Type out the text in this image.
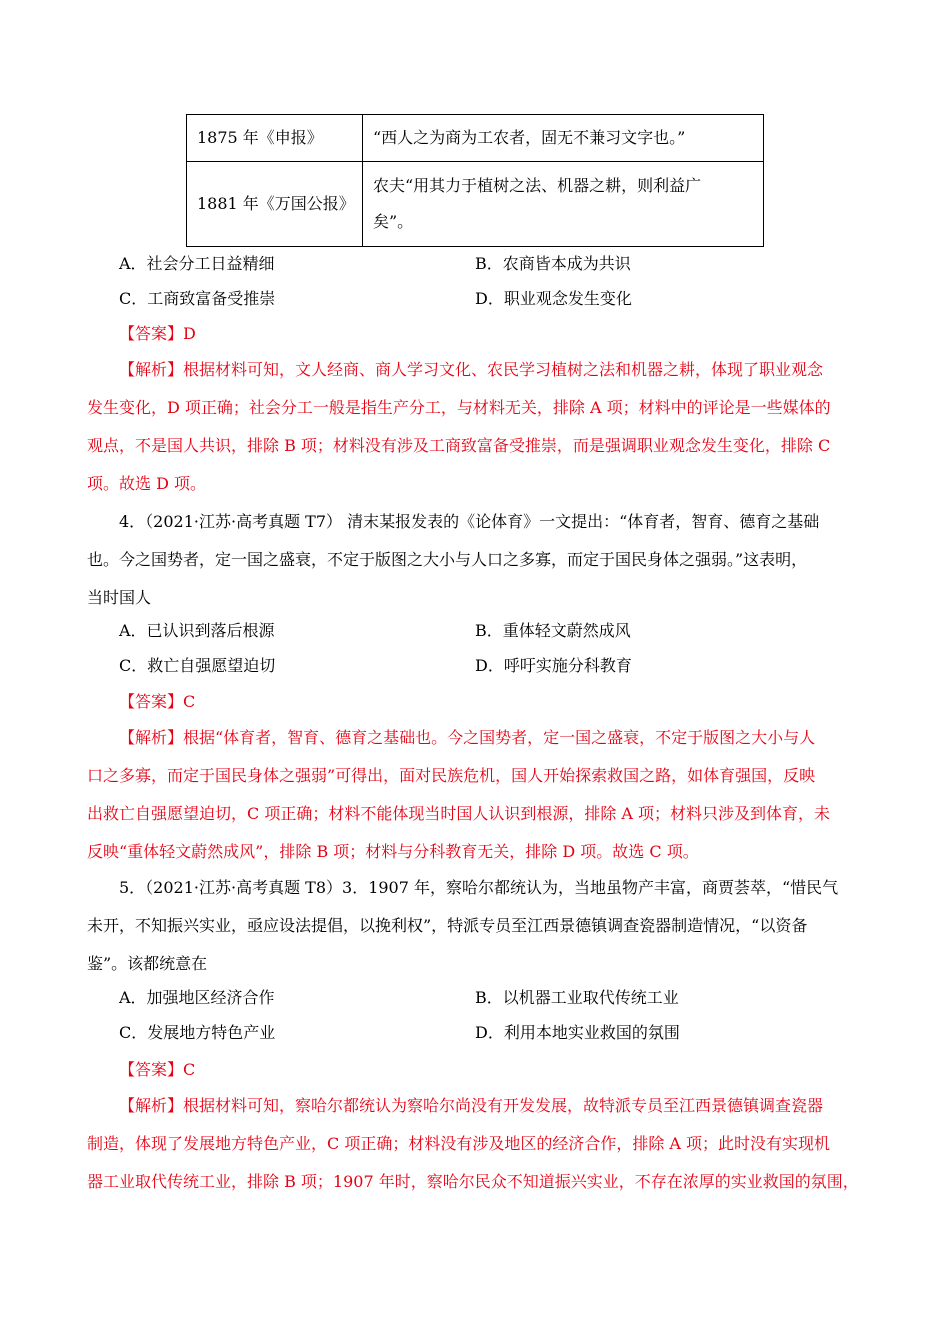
1875 年《申报》	“西人之为商为工农者，固无不兼习文字也。”
1881 年《万国公报》	农夫“用其力于植树之法、机器之耕，则利益广
矣”。
A．社会分工日益精细	B．农商皆本成为共识
C．工商致富备受推崇	D．职业观念发生变化
【答案】D
【解析】根据材料可知，文人经商、商人学习文化、农民学习植树之法和机器之耕，体现了职业观念
发生变化，D 项正确；社会分工一般是指生产分工，与材料无关，排除 A 项；材料中的评论是一些媒体的
观点，不是国人共识，排除 B 项；材料没有涉及工商致富备受推崇，而是强调职业观念发生变化，排除 C
项。故选 D 项。
4．（2021·江苏·高考真题 T7） 清末某报发表的《论体育》一文提出：“体育者，智育、德育之基础
也。今之国势者，定一国之盛衰，不定于版图之大小与人口之多寡，而定于国民身体之强弱。”这表明，
当时国人
A．已认识到落后根源	B．重体轻文蔚然成风
C．救亡自强愿望迫切	D．呼吁实施分科教育
【答案】C
【解析】根据“体育者，智育、德育之基础也。今之国势者，定一国之盛衰，不定于版图之大小与人
口之多寡，而定于国民身体之强弱”可得出，面对民族危机，国人开始探索救国之路，如体育强国，反映
出救亡自强愿望迫切，C 项正确；材料不能体现当时国人认识到根源，排除 A 项；材料只涉及到体育，未
反映“重体轻文蔚然成风”，排除 B 项；材料与分科教育无关，排除 D 项。故选 C 项。
5．（2021·江苏·高考真题 T8）3．1907 年，察哈尔都统认为，当地虽物产丰富，商贾荟萃，“惜民气
未开，不知振兴实业，亟应设法提倡，以挽利权”，特派专员至江西景德镇调查瓷器制造情况，“以资备
鉴”。该都统意在
A．加强地区经济合作	B．以机器工业取代传统工业
C．发展地方特色产业	D．利用本地实业救国的氛围
【答案】C
【解析】根据材料可知，察哈尔都统认为察哈尔尚没有开发发展，故特派专员至江西景德镇调查瓷器
制造，体现了发展地方特色产业，C 项正确；材料没有涉及地区的经济合作，排除 A 项；此时没有实现机
器工业取代传统工业，排除 B 项；1907 年时，察哈尔民众不知道振兴实业，不存在浓厚的实业救国的氛围，
